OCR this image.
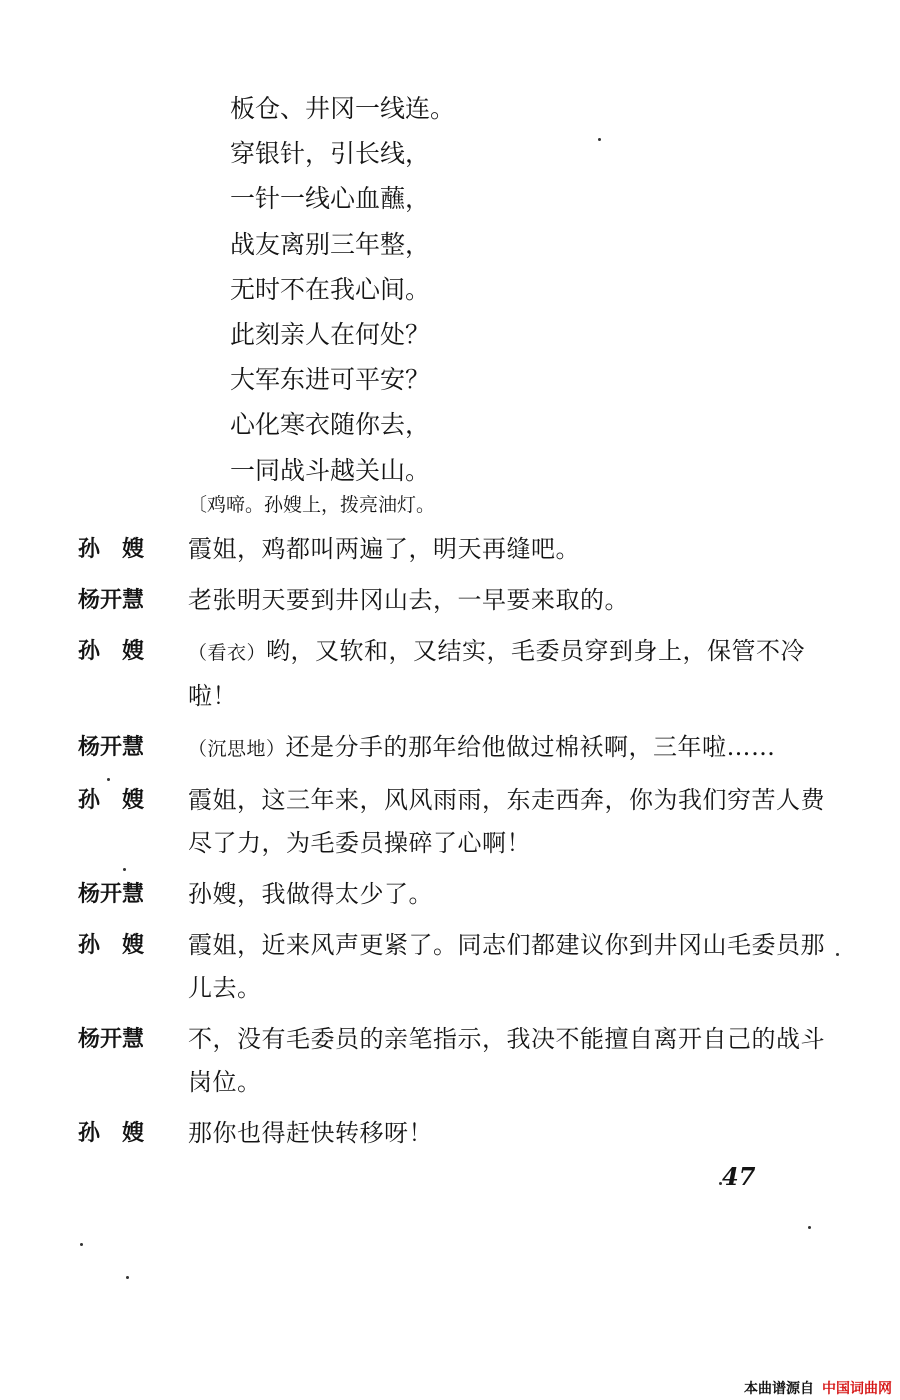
板仓、井冈一线连。
穿银针，引长线，
一针一线心血蘸，
战友离别三年整，
无时不在我心间。
此刻亲人在何处？
大军东进可平安？
心化寒衣随你去，
一同战斗越关山。
〔鸡啼。孙嫂上，拨亮油灯。
孙　嫂	霞姐，鸡都叫两遍了，明天再缝吧。
杨开慧	老张明天要到井冈山去，一早要来取的。
孙　嫂	（看衣）哟，又软和，又结实，毛委员穿到身上，保管不冷啦！
杨开慧	（沉思地）还是分手的那年给他做过棉袄啊，三年啦……
孙　嫂	霞姐，这三年来，风风雨雨，东走西奔，你为我们穷苦人费尽了力，为毛委员操碎了心啊！
杨开慧	孙嫂，我做得太少了。
孙　嫂	霞姐，近来风声更紧了。同志们都建议你到井冈山毛委员那儿去。
杨开慧	不，没有毛委员的亲笔指示，我决不能擅自离开自己的战斗岗位。
孙　嫂	那你也得赶快转移呀！
47
本曲谱源自 中国词曲网
